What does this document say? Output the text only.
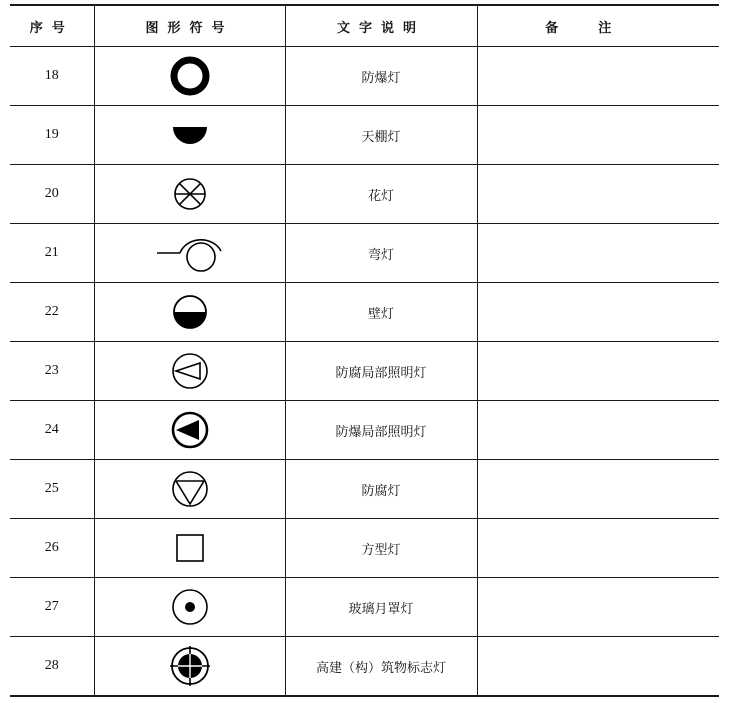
序号	图形符号	文字说明	备注
18		防爆灯	
19		天棚灯	
20		花灯	
21		弯灯	
22		壁灯	
23		防腐局部照明灯	
24		防爆局部照明灯	
25		防腐灯	
26		方型灯	
27		玻璃月罩灯	
28		高建（构）筑物标志灯	
